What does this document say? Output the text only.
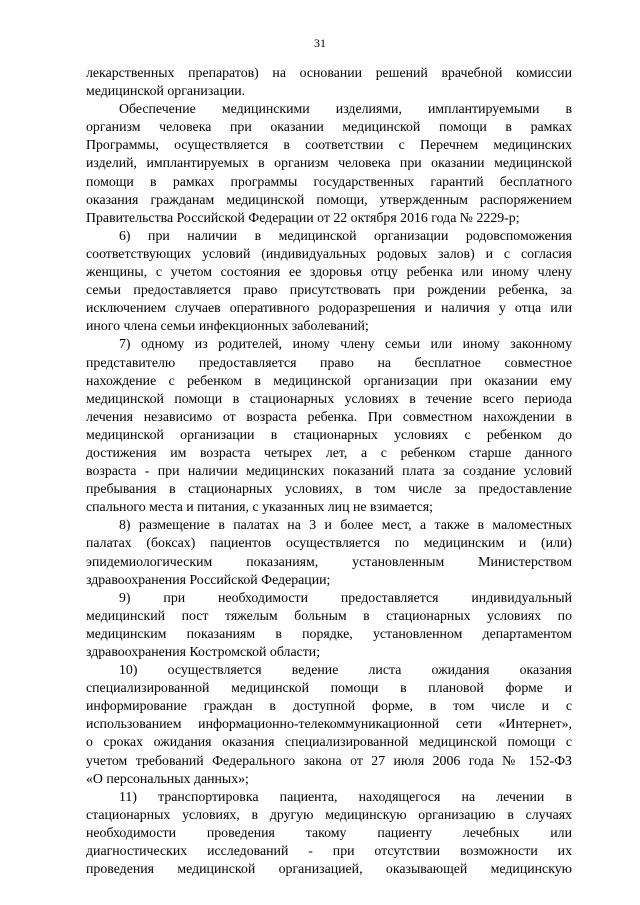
31
лекарственных препаратов) на основании решений врачебной комиссии
медицинской организации.
Обеспечение медицинскими изделиями, имплантируемыми в
организм человека при оказании медицинской помощи в рамках
Программы, осуществляется в соответствии с Перечнем медицинских
изделий, имплантируемых в организм человека при оказании медицинской
помощи в рамках программы государственных гарантий бесплатного
оказания гражданам медицинской помощи, утвержденным распоряжением
Правительства Российской Федерации от 22 октября 2016 года № 2229-р;
6) при наличии в медицинской организации родовспоможения
соответствующих условий (индивидуальных родовых залов) и с согласия
женщины, с учетом состояния ее здоровья отцу ребенка или иному члену
семьи предоставляется право присутствовать при рождении ребенка, за
исключением случаев оперативного родоразрешения и наличия у отца или
иного члена семьи инфекционных заболеваний;
7) одному из родителей, иному члену семьи или иному законному
представителю предоставляется право на бесплатное совместное
нахождение с ребенком в медицинской организации при оказании ему
медицинской помощи в стационарных условиях в течение всего периода
лечения независимо от возраста ребенка. При совместном нахождении в
медицинской организации в стационарных условиях с ребенком до
достижения им возраста четырех лет, а с ребенком старше данного
возраста - при наличии медицинских показаний плата за создание условий
пребывания в стационарных условиях, в том числе за предоставление
спального места и питания, с указанных лиц не взимается;
8) размещение в палатах на 3 и более мест, а также в маломестных
палатах (боксах) пациентов осуществляется по медицинским и (или)
эпидемиологическим показаниям, установленным Министерством
здравоохранения Российской Федерации;
9) при необходимости предоставляется индивидуальный
медицинский пост тяжелым больным в стационарных условиях по
медицинским показаниям в порядке, установленном департаментом
здравоохранения Костромской области;
10) осуществляется ведение листа ожидания оказания
специализированной медицинской помощи в плановой форме и
информирование граждан в доступной форме, в том числе и с
использованием информационно-телекоммуникационной сети «Интернет»,
о сроках ожидания оказания специализированной медицинской помощи с
учетом требований Федерального закона от 27 июля 2006 года № 152-ФЗ
«О персональных данных»;
11) транспортировка пациента, находящегося на лечении в
стационарных условиях, в другую медицинскую организацию в случаях
необходимости проведения такому пациенту лечебных или
диагностических исследований - при отсутствии возможности их
проведения медицинской организацией, оказывающей медицинскую
